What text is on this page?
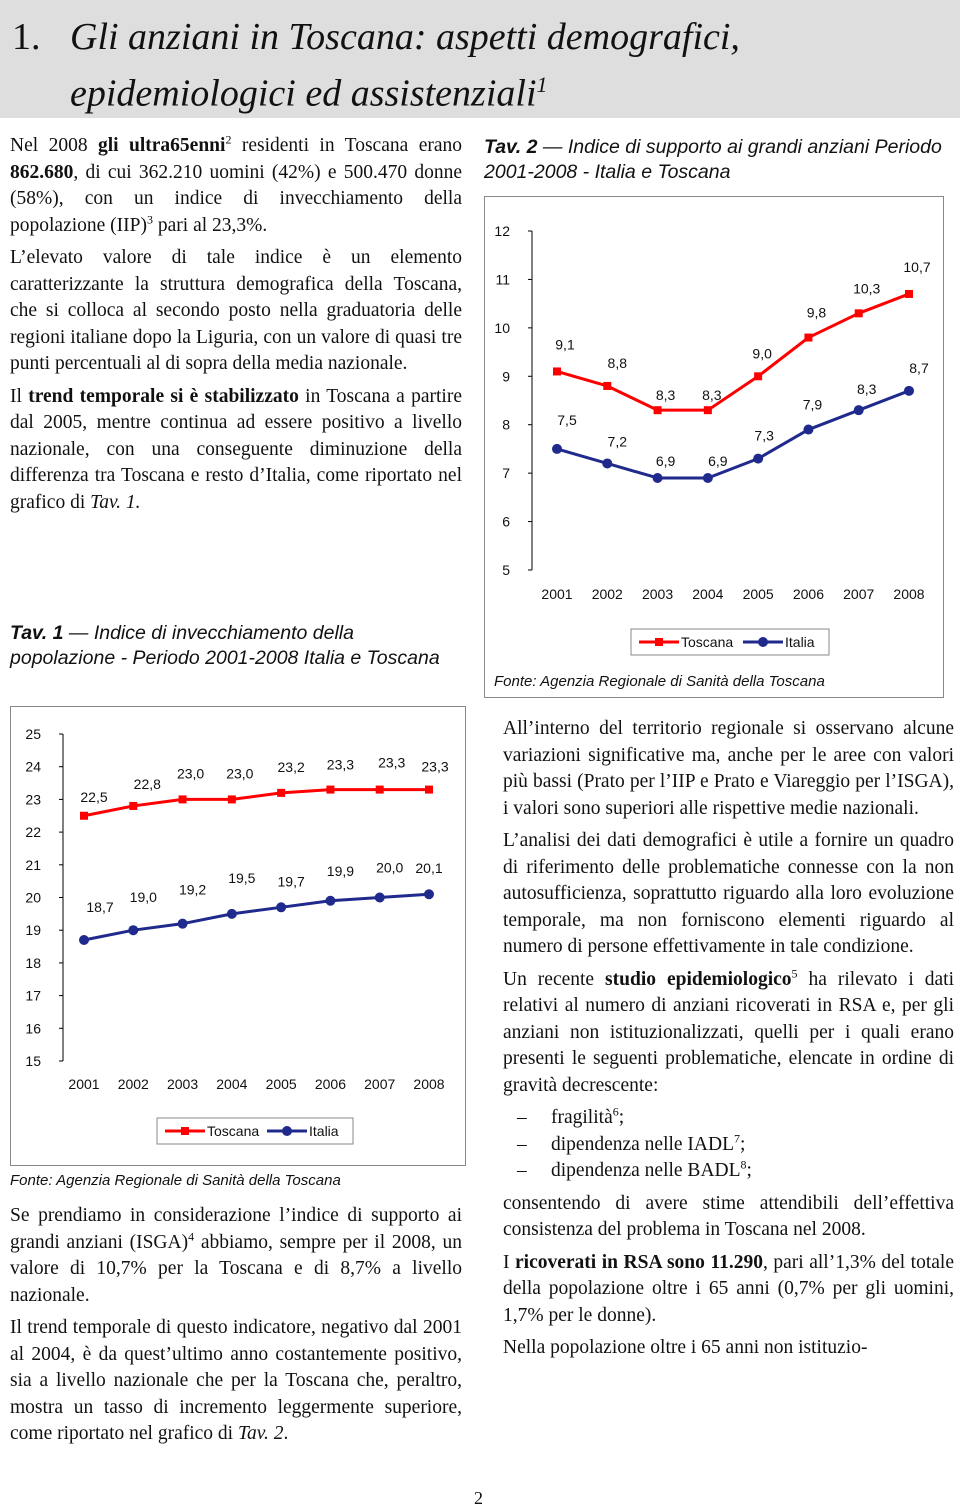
1. Gli anziani in Toscana: aspetti demografici,
epidemiologici ed assistenziali$^1$

Nel 2008 gli ultra65enni$^2$ residenti in Toscana erano 862.680, di cui 362.210 uomini (42%) e 500.470 donne (58%), con un indice di invecchiamento della popolazione (IIP)$^3$ pari al 23,3%.

L’elevato valore di tale indice è un elemento caratterizzante la struttura demografica della Toscana, che si colloca al secondo posto nella graduatoria delle regioni italiane dopo la Liguria, con un valore di quasi tre punti percentuali al di sopra della media nazionale.

Il trend temporale si è stabilizzato in Toscana a partire dal 2005, mentre continua ad essere positivo a livello nazionale, con una conseguente diminuzione della differenza tra Toscana e resto d’Italia, come riportato nel grafico di Tav. 1.

Tav. 1 — Indice di invecchiamento della popolazione - Periodo 2001-2008 Italia e Toscana
15
16
17
18
19
20
21
22
23
24
25
2001 2002 2003 2004 2005 2006 2007 2008
22,5
22,8
23,0 23,0 23,2 23,3 23,3 23,3
18,7
19,0 19,2
19,5 19,7
19,9 20,0 20,1
Toscana	Italia
Fonte: Agenzia Regionale di Sanità della Toscana

Se prendiamo in considerazione l’indice di supporto ai grandi anziani (ISGA)$^4$ abbiamo, sempre per il 2008, un valore di 10,7% per la Toscana e di 8,7% a livello nazionale.

Il trend temporale di questo indicatore, negativo dal 2001 al 2004, è da quest’ultimo anno costantemente positivo, sia a livello nazionale che per la Toscana che, peraltro, mostra un tasso di incremento leggermente superiore, come riportato nel grafico di Tav. 2.

Tav. 2 — Indice di supporto ai grandi anziani Periodo 2001-2008 - Italia e Toscana
5
6
7
8
9
10
11
12
2001 2002 2003 2004 2005 2006 2007 2008
9,1
8,8
8,3 8,3
9,0
9,8
10,3
10,7
7,5
7,2
6,9 6,9
7,3
7,9
8,3
8,7
Toscana	Italia
Fonte: Agenzia Regionale di Sanità della Toscana

All’interno del territorio regionale si osservano alcune variazioni significative ma, anche per le aree con valori più bassi (Prato per l’IIP e Prato e Viareggio per l’ISGA), i valori sono superiori alle rispettive medie nazionali.

L’analisi dei dati demografici è utile a fornire un quadro di riferimento delle problematiche connesse con la non autosufficienza, soprattutto riguardo alla loro evoluzione temporale, ma non forniscono elementi riguardo al numero di persone effettivamente in tale condizione.

Un recente studio epidemiologico$^5$ ha rilevato i dati relativi al numero di anziani ricoverati in RSA e, per gli anziani non istituzionalizzati, quelli per i quali erano presenti le seguenti problematiche, elencate in ordine di gravità decrescente:

– fragilità$^6$;
– dipendenza nelle IADL$^7$;
– dipendenza nelle BADL$^8$;

consentendo di avere stime attendibili dell’effettiva consistenza del problema in Toscana nel 2008.

I ricoverati in RSA sono 11.290, pari all’1,3% del totale della popolazione oltre i 65 anni (0,7% per gli uomini, 1,7% per le donne).

Nella popolazione oltre i 65 anni non istituzio-

2
